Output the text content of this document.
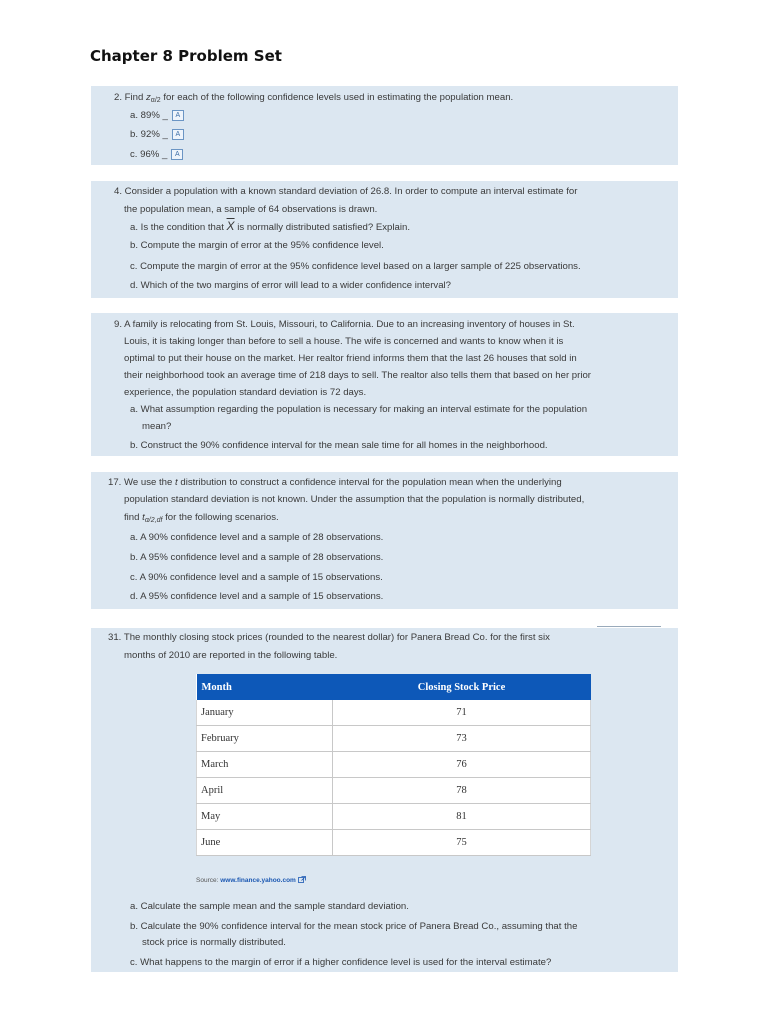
Chapter 8 Problem Set
2. Find $z_{\alpha/2}$ for each of the following confidence levels used in estimating the population mean.
a. 89% _ A
b. 92% _ A
c. 96% _ A
4. Consider a population with a known standard deviation of 26.8. In order to compute an interval estimate for
the population mean, a sample of 64 observations is drawn.
a. Is the condition that $\overline{X}$ is normally distributed satisfied? Explain.
b. Compute the margin of error at the 95% confidence level.
c. Compute the margin of error at the 95% confidence level based on a larger sample of 225 observations.
d. Which of the two margins of error will lead to a wider confidence interval?
9. A family is relocating from St. Louis, Missouri, to California. Due to an increasing inventory of houses in St.
Louis, it is taking longer than before to sell a house. The wife is concerned and wants to know when it is
optimal to put their house on the market. Her realtor friend informs them that the last 26 houses that sold in
their neighborhood took an average time of 218 days to sell. The realtor also tells them that based on her prior
experience, the population standard deviation is 72 days.
a. What assumption regarding the population is necessary for making an interval estimate for the population
mean?
b. Construct the 90% confidence interval for the mean sale time for all homes in the neighborhood.
17. We use the t distribution to construct a confidence interval for the population mean when the underlying
population standard deviation is not known. Under the assumption that the population is normally distributed,
find $t_{\alpha/2,df}$ for the following scenarios.
a. A 90% confidence level and a sample of 28 observations.
b. A 95% confidence level and a sample of 28 observations.
c. A 90% confidence level and a sample of 15 observations.
d. A 95% confidence level and a sample of 15 observations.
31. The monthly closing stock prices (rounded to the nearest dollar) for Panera Bread Co. for the first six
months of 2010 are reported in the following table.
Month	Closing Stock Price
January	71
February	73
March	76
April	78
May	81
June	75
Source: www.finance.yahoo.com
a. Calculate the sample mean and the sample standard deviation.
b. Calculate the 90% confidence interval for the mean stock price of Panera Bread Co., assuming that the
stock price is normally distributed.
c. What happens to the margin of error if a higher confidence level is used for the interval estimate?
